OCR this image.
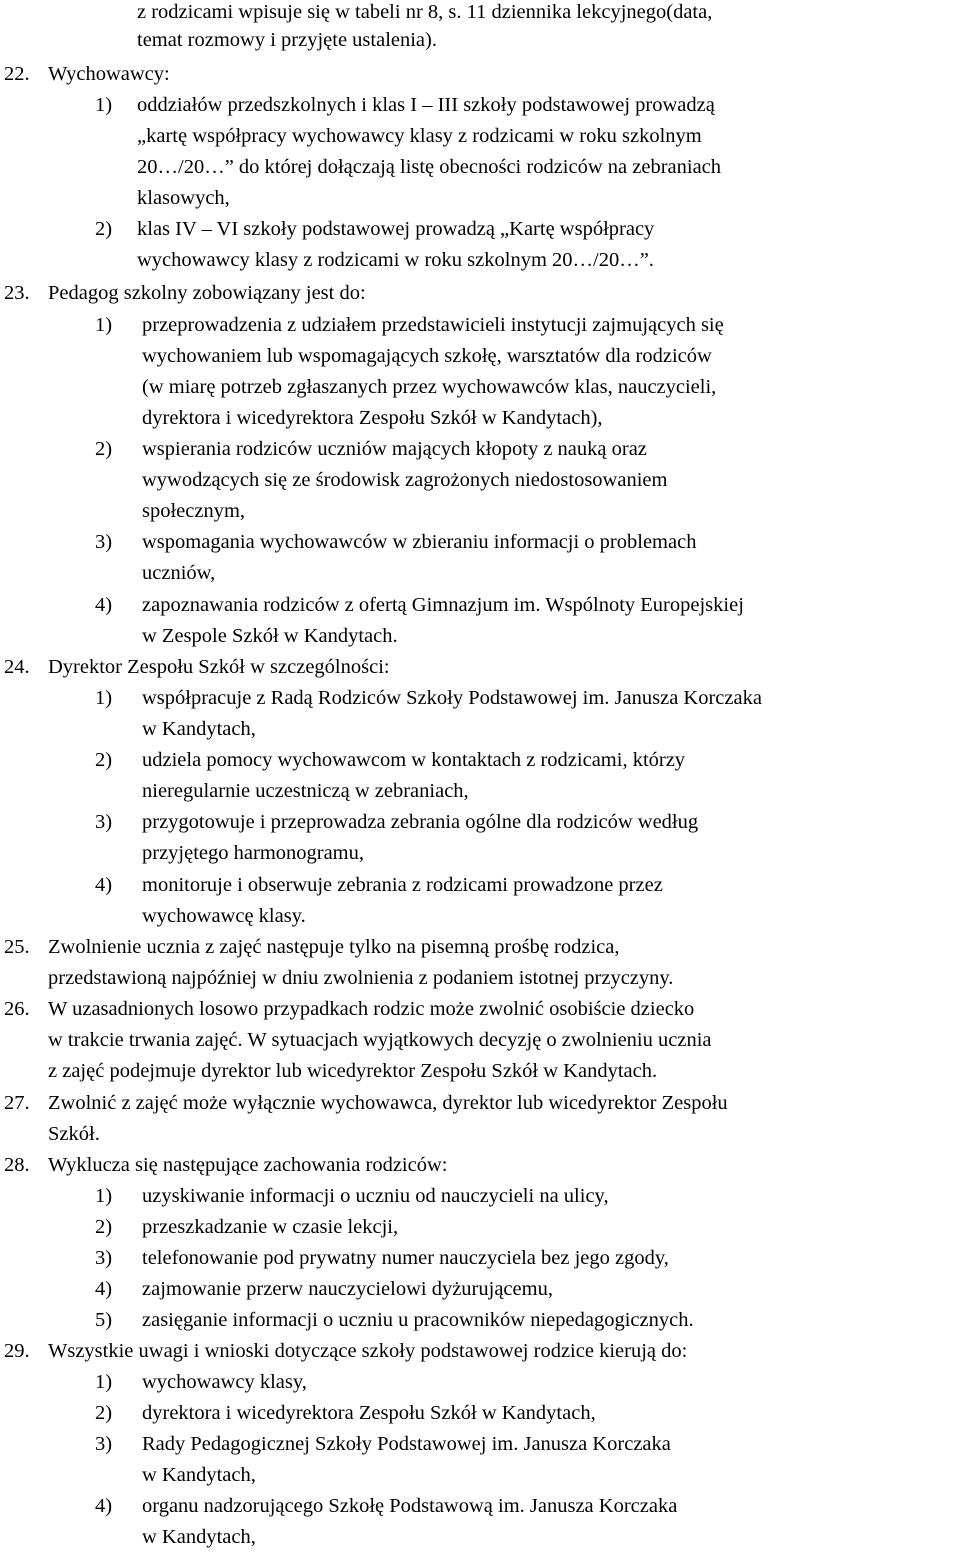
z rodzicami wpisuje się w tabeli nr 8, s. 11 dziennika lekcyjnego(data,
temat rozmowy i przyjęte ustalenia).
22. Wychowawcy:
1) oddziałów przedszkolnych i klas I – III szkoły podstawowej prowadzą
„kartę współpracy wychowawcy klasy z rodzicami w roku szkolnym
20…/20…” do której dołączają listę obecności rodziców na zebraniach
klasowych,
2) klas IV – VI szkoły podstawowej prowadzą „Kartę współpracy
wychowawcy klasy z rodzicami w roku szkolnym 20…/20…”.
23. Pedagog szkolny zobowiązany jest do:
1) przeprowadzenia z udziałem przedstawicieli instytucji zajmujących się
wychowaniem lub wspomagających szkołę, warsztatów dla rodziców
(w miarę potrzeb zgłaszanych przez wychowawców klas, nauczycieli,
dyrektora i wicedyrektora Zespołu Szkół w Kandytach),
2) wspierania rodziców uczniów mających kłopoty z nauką oraz
wywodzących się ze środowisk zagrożonych niedostosowaniem
społecznym,
3) wspomagania wychowawców w zbieraniu informacji o problemach
uczniów,
4) zapoznawania rodziców z ofertą Gimnazjum im. Wspólnoty Europejskiej
w Zespole Szkół w Kandytach.
24. Dyrektor Zespołu Szkół w szczególności:
1) współpracuje z Radą Rodziców Szkoły Podstawowej im. Janusza Korczaka
w Kandytach,
2) udziela pomocy wychowawcom w kontaktach z rodzicami, którzy
nieregularnie uczestniczą w zebraniach,
3) przygotowuje i przeprowadza zebrania ogólne dla rodziców według
przyjętego harmonogramu,
4) monitoruje i obserwuje zebrania z rodzicami prowadzone przez
wychowawcę klasy.
25. Zwolnienie ucznia z zajęć następuje tylko na pisemną prośbę rodzica,
przedstawioną najpóźniej w dniu zwolnienia z podaniem istotnej przyczyny.
26. W uzasadnionych losowo przypadkach rodzic może zwolnić osobiście dziecko
w trakcie trwania zajęć. W sytuacjach wyjątkowych decyzję o zwolnieniu ucznia
z zajęć podejmuje dyrektor lub wicedyrektor Zespołu Szkół w Kandytach.
27. Zwolnić z zajęć może wyłącznie wychowawca, dyrektor lub wicedyrektor Zespołu
Szkół.
28. Wyklucza się następujące zachowania rodziców:
1) uzyskiwanie informacji o uczniu od nauczycieli na ulicy,
2) przeszkadzanie w czasie lekcji,
3) telefonowanie pod prywatny numer nauczyciela bez jego zgody,
4) zajmowanie przerw nauczycielowi dyżurującemu,
5) zasięganie informacji o uczniu u pracowników niepedagogicznych.
29. Wszystkie uwagi i wnioski dotyczące szkoły podstawowej rodzice kierują do:
1) wychowawcy klasy,
2) dyrektora i wicedyrektora Zespołu Szkół w Kandytach,
3) Rady Pedagogicznej Szkoły Podstawowej im. Janusza Korczaka
w Kandytach,
4) organu nadzorującego Szkołę Podstawową im. Janusza Korczaka
w Kandytach,
